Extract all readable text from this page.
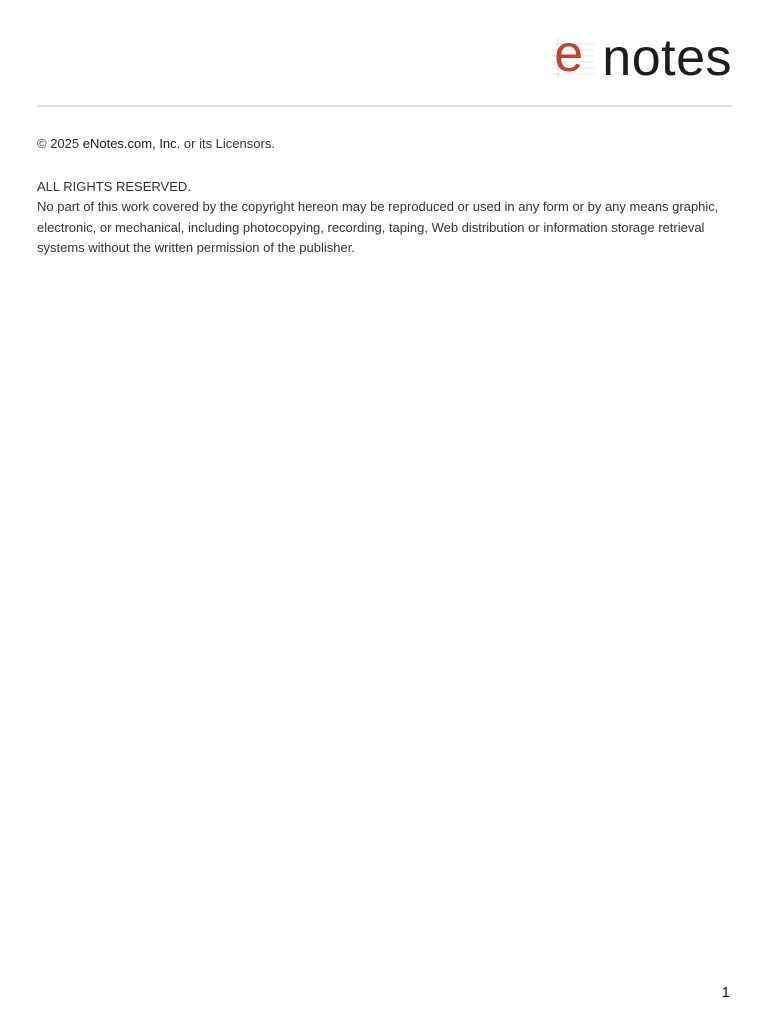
e notes
© 2025 eNotes.com, Inc. or its Licensors.
ALL RIGHTS RESERVED.
No part of this work covered by the copyright hereon may be reproduced or used in any form or by any means graphic, electronic, or mechanical, including photocopying, recording, taping, Web distribution or information storage retrieval systems without the written permission of the publisher.
1
